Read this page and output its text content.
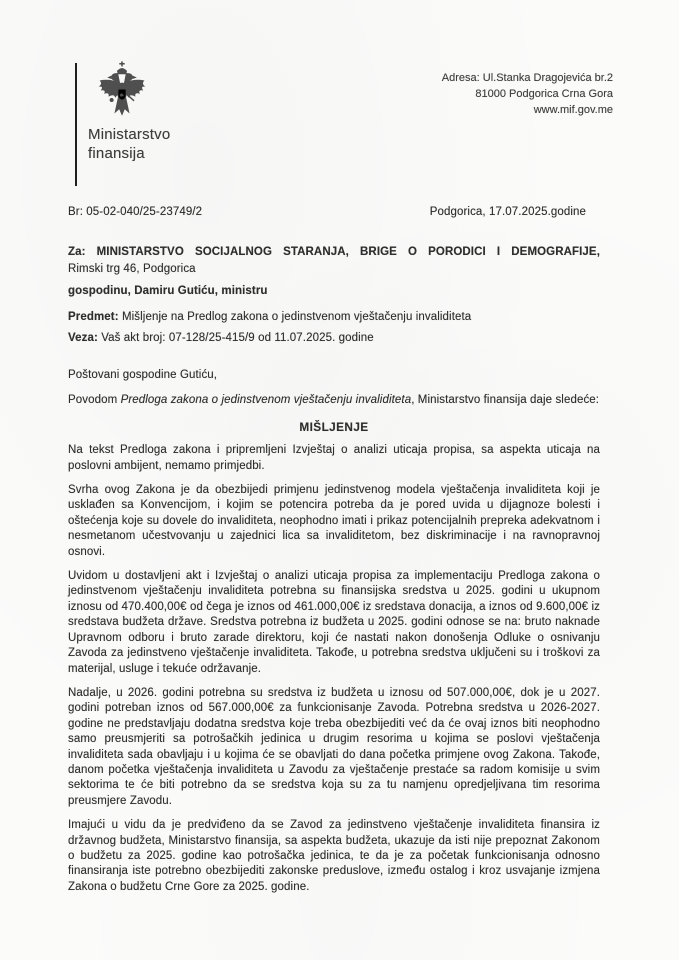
Ministarstvo
finansija
Adresa: Ul.Stanka Dragojevića br.2
81000 Podgorica Crna Gora
www.mif.gov.me
Br: 05-02-040/25-23749/2	Podgorica, 17.07.2025.godine
Za: MINISTARSTVO SOCIJALNOG STARANJA, BRIGE O PORODICI I DEMOGRAFIJE,
Rimski trg 46, Podgorica
gospodinu, Damiru Gutiću, ministru
Predmet: Mišljenje na Predlog zakona o jedinstvenom vještačenju invaliditeta
Veza: Vaš akt broj: 07-128/25-415/9 od 11.07.2025. godine
Poštovani gospodine Gutiću,
Povodom Predloga zakona o jedinstvenom vještačenju invaliditeta, Ministarstvo finansija daje sledeće:
MIŠLJENJE

Na tekst Predloga zakona i pripremljeni Izvještaj o analizi uticaja propisa, sa aspekta uticaja na poslovni ambijent, nemamo primjedbi.

Svrha ovog Zakona je da obezbijedi primjenu jedinstvenog modela vještačenja invaliditeta koji je usklađen sa Konvencijom, i kojim se potencira potreba da je pored uvida u dijagnoze bolesti i oštećenja koje su dovele do invaliditeta, neophodno imati i prikaz potencijalnih prepreka adekvatnom i nesmetanom učestvovanju u zajednici lica sa invaliditetom, bez diskriminacije i na ravnopravnoj osnovi.

Uvidom u dostavljeni akt i Izvještaj o analizi uticaja propisa za implementaciju Predloga zakona o jedinstvenom vještačenju invaliditeta potrebna su finansijska sredstva u 2025. godini u ukupnom iznosu od 470.400,00€ od čega je iznos od 461.000,00€ iz sredstava donacija, a iznos od 9.600,00€ iz sredstava budžeta države. Sredstva potrebna iz budžeta u 2025. godini odnose se na: bruto naknade Upravnom odboru i bruto zarade direktoru, koji će nastati nakon donošenja Odluke o osnivanju Zavoda za jedinstveno vještačenje invaliditeta. Takođe, u potrebna sredstva uključeni su i troškovi za materijal, usluge i tekuće održavanje.

Nadalje, u 2026. godini potrebna su sredstva iz budžeta u iznosu od 507.000,00€, dok je u 2027. godini potreban iznos od 567.000,00€ za funkcionisanje Zavoda. Potrebna sredstva u 2026-2027. godine ne predstavljaju dodatna sredstva koje treba obezbijediti već da će ovaj iznos biti neophodno samo preusmjeriti sa potrošačkih jedinica u drugim resorima u kojima se poslovi vještačenja invaliditeta sada obavljaju i u kojima će se obavljati do dana početka primjene ovog Zakona. Takođe, danom početka vještačenja invaliditeta u Zavodu za vještačenje prestaće sa radom komisije u svim sektorima te će biti potrebno da se sredstva koja su za tu namjenu opredjeljivana tim resorima preusmjere Zavodu.

Imajući u vidu da je predviđeno da se Zavod za jedinstveno vještačenje invaliditeta finansira iz državnog budžeta, Ministarstvo finansija, sa aspekta budžeta, ukazuje da isti nije prepoznat Zakonom o budžetu za 2025. godine kao potrošačka jedinica, te da je za početak funkcionisanja odnosno finansiranja iste potrebno obezbijediti zakonske preduslove, između ostalog i kroz usvajanje izmjena Zakona o budžetu Crne Gore za 2025. godine.
